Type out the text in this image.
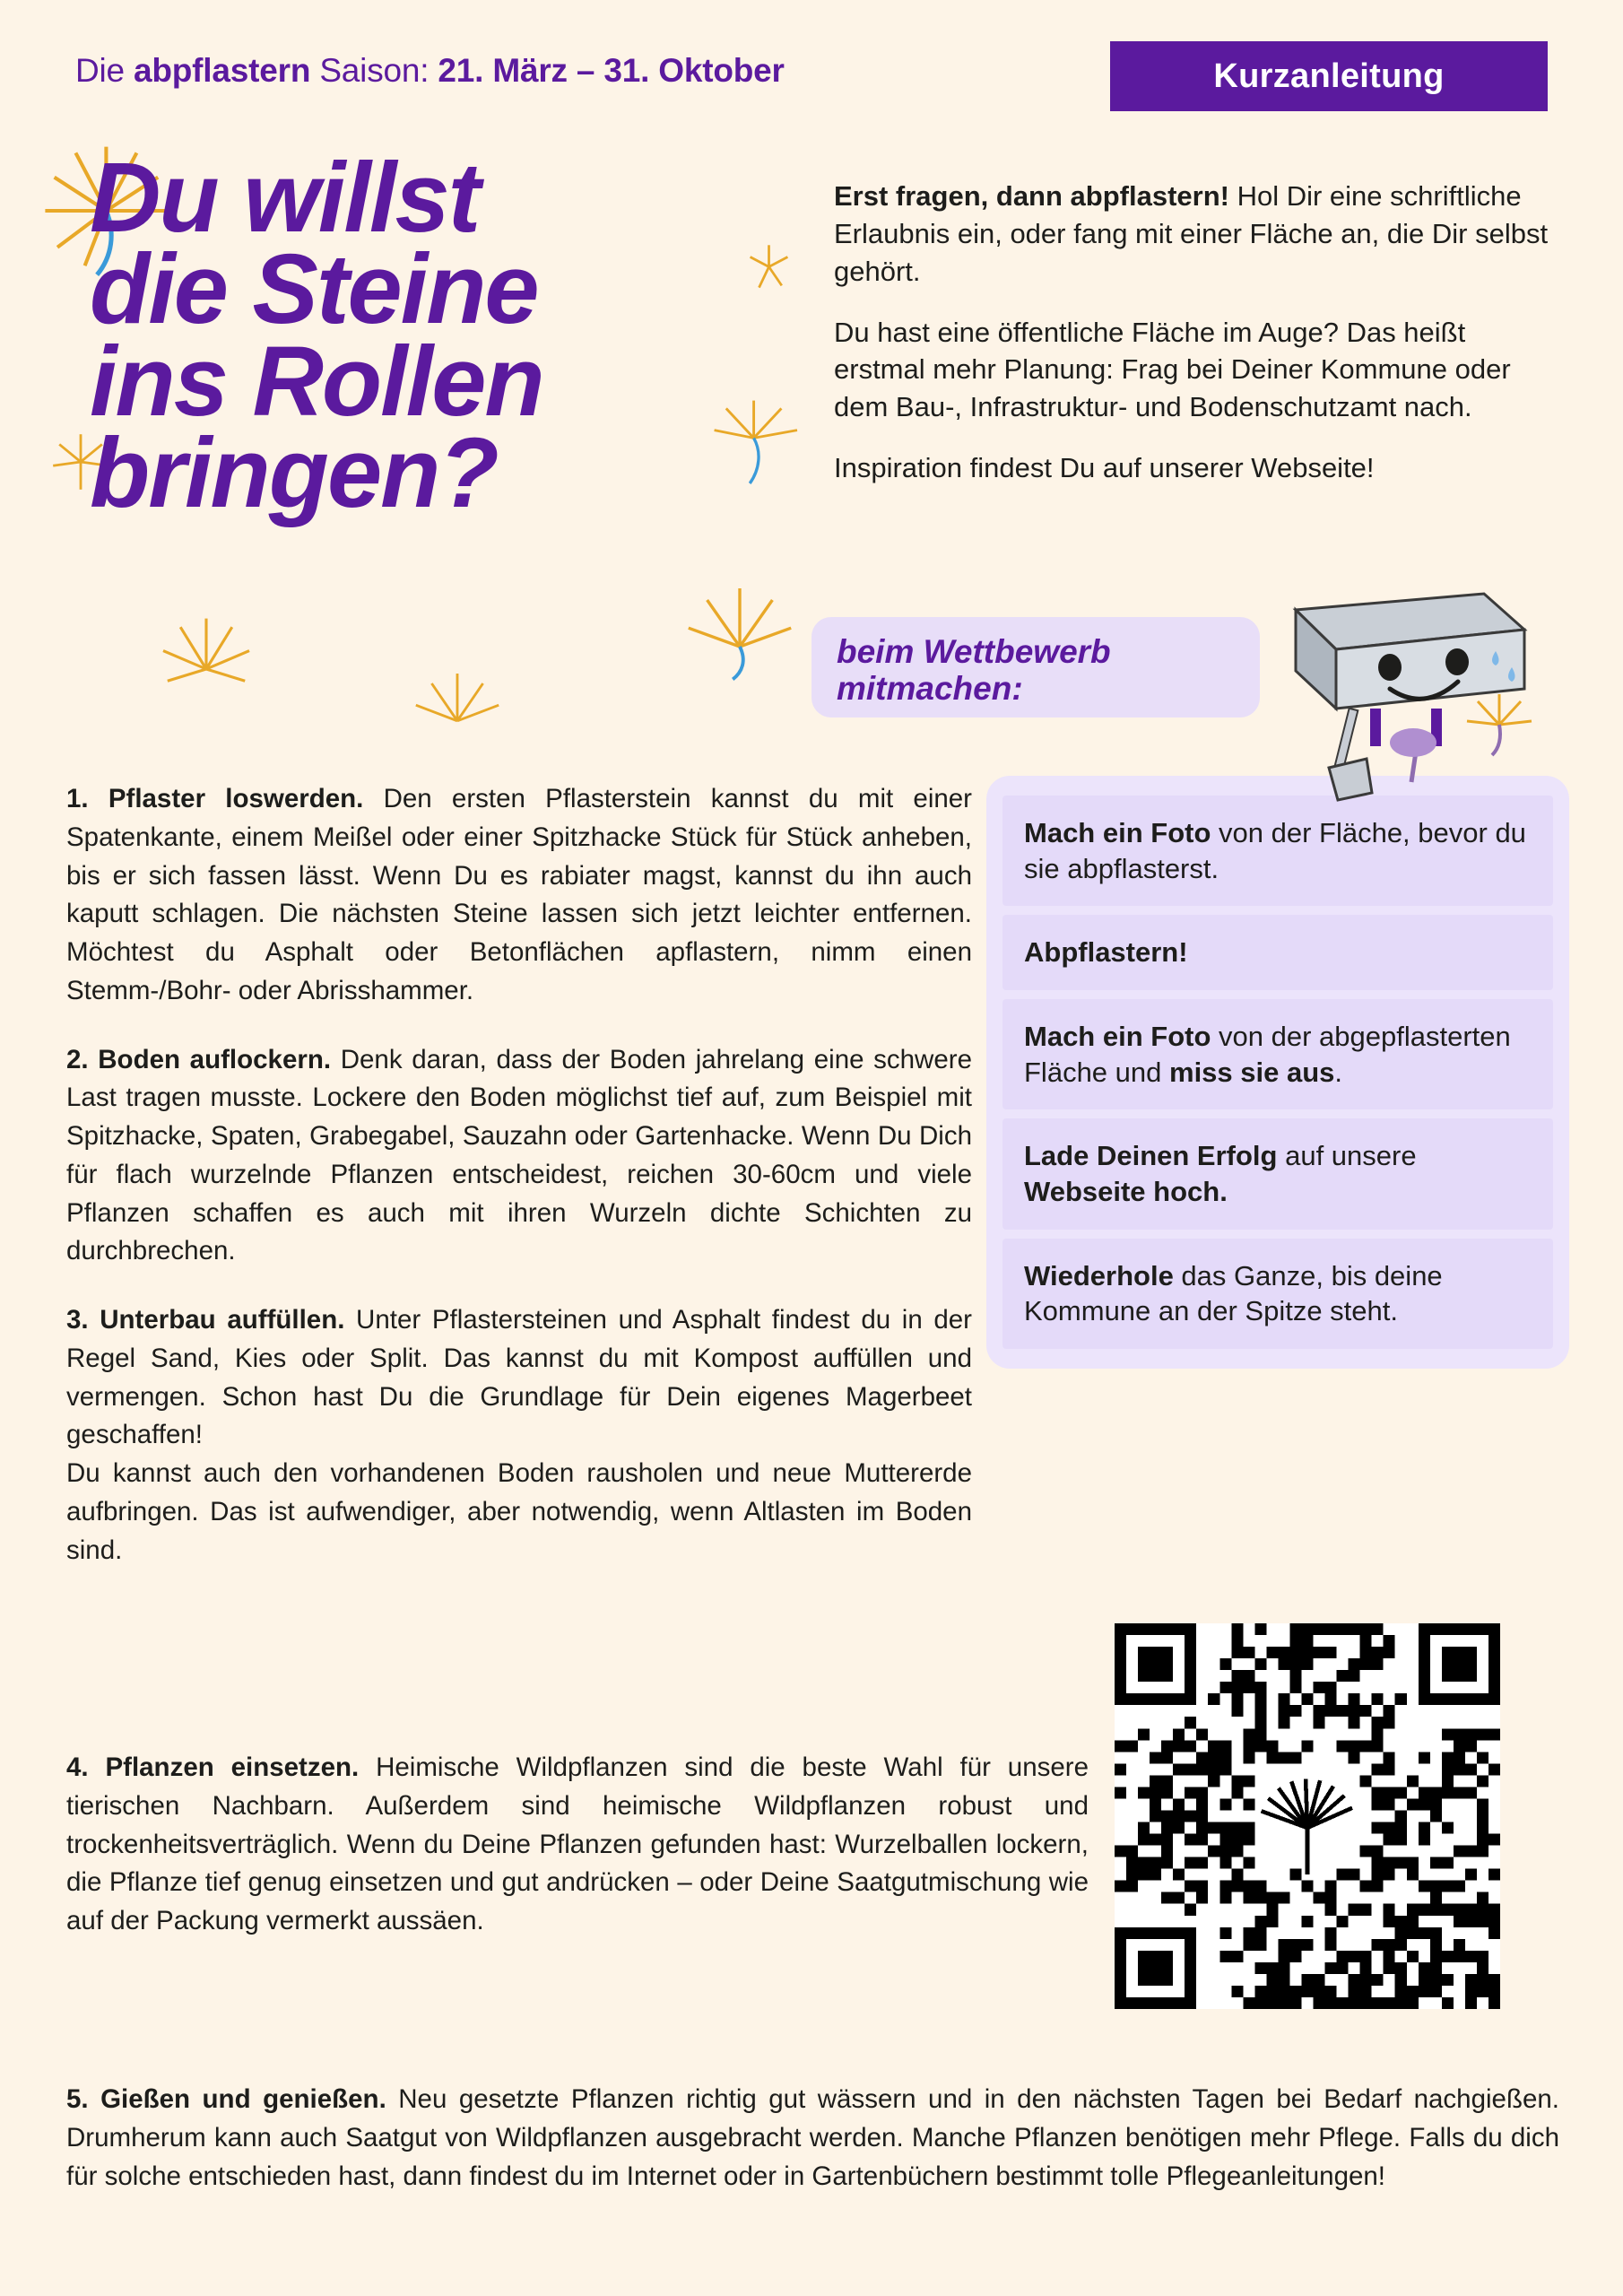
Die abpflastern Saison: 21. März – 31. Oktober	Kurzanleitung
Du willst
die Steine
ins Rollen
bringen?

Erst fragen, dann abpflastern! Hol Dir eine schriftliche Erlaubnis ein, oder fang mit einer Fläche an, die Dir selbst gehört.

Du hast eine öffentliche Fläche im Auge? Das heißt erstmal mehr Planung: Frag bei Deiner Kommune oder dem Bau-, Infrastruktur- und Bodenschutzamt nach.

Inspiration findest Du auf unserer Webseite!

beim Wettbewerb
mitmachen:
1. Pflaster loswerden. Den ersten Pflasterstein kannst du mit einer Spatenkante, einem Meißel oder einer Spitzhacke Stück für Stück anheben, bis er sich fassen lässt. Wenn Du es rabiater magst, kannst du ihn auch kaputt schlagen. Die nächsten Steine lassen sich jetzt leichter entfernen. Möchtest du Asphalt oder Betonflächen apflastern, nimm einen Stemm-/Bohr- oder Abrisshammer.
2. Boden auflockern. Denk daran, dass der Boden jahrelang eine schwere Last tragen musste. Lockere den Boden möglichst tief auf, zum Beispiel mit Spitzhacke, Spaten, Grabegabel, Sauzahn oder Gartenhacke. Wenn Du Dich für flach wurzelnde Pflanzen entscheidest, reichen 30-60cm und viele Pflanzen schaffen es auch mit ihren Wurzeln dichte Schichten zu durchbrechen.
3. Unterbau auffüllen. Unter Pflastersteinen und Asphalt findest du in der Regel Sand, Kies oder Split. Das kannst du mit Kompost auffüllen und vermengen. Schon hast Du die Grundlage für Dein eigenes Magerbeet geschaffen!
Du kannst auch den vorhandenen Boden rausholen und neue Muttererde aufbringen. Das ist aufwendiger, aber notwendig, wenn Altlasten im Boden sind.
4. Pflanzen einsetzen. Heimische Wildpflanzen sind die beste Wahl für unsere tierischen Nachbarn. Außerdem sind heimische Wildpflanzen robust und trockenheitsverträglich. Wenn du Deine Pflanzen gefunden hast: Wurzelballen lockern, die Pflanze tief genug einsetzen und gut andrücken – oder Deine Saatgutmischung wie auf der Packung vermerkt aussäen.
5. Gießen und genießen. Neu gesetzte Pflanzen richtig gut wässern und in den nächsten Tagen bei Bedarf nachgießen. Drumherum kann auch Saatgut von Wildpflanzen ausgebracht werden. Manche Pflanzen benötigen mehr Pflege. Falls du dich für solche entschieden hast, dann findest du im Internet oder in Gartenbüchern bestimmt tolle Pflegeanleitungen!
Mach ein Foto von der Fläche, bevor du sie abpflasterst.
Abpflastern!
Mach ein Foto von der abgepflasterten Fläche und miss sie aus.
Lade Deinen Erfolg auf unsere Webseite hoch.
Wiederhole das Ganze, bis deine Kommune an der Spitze steht.
